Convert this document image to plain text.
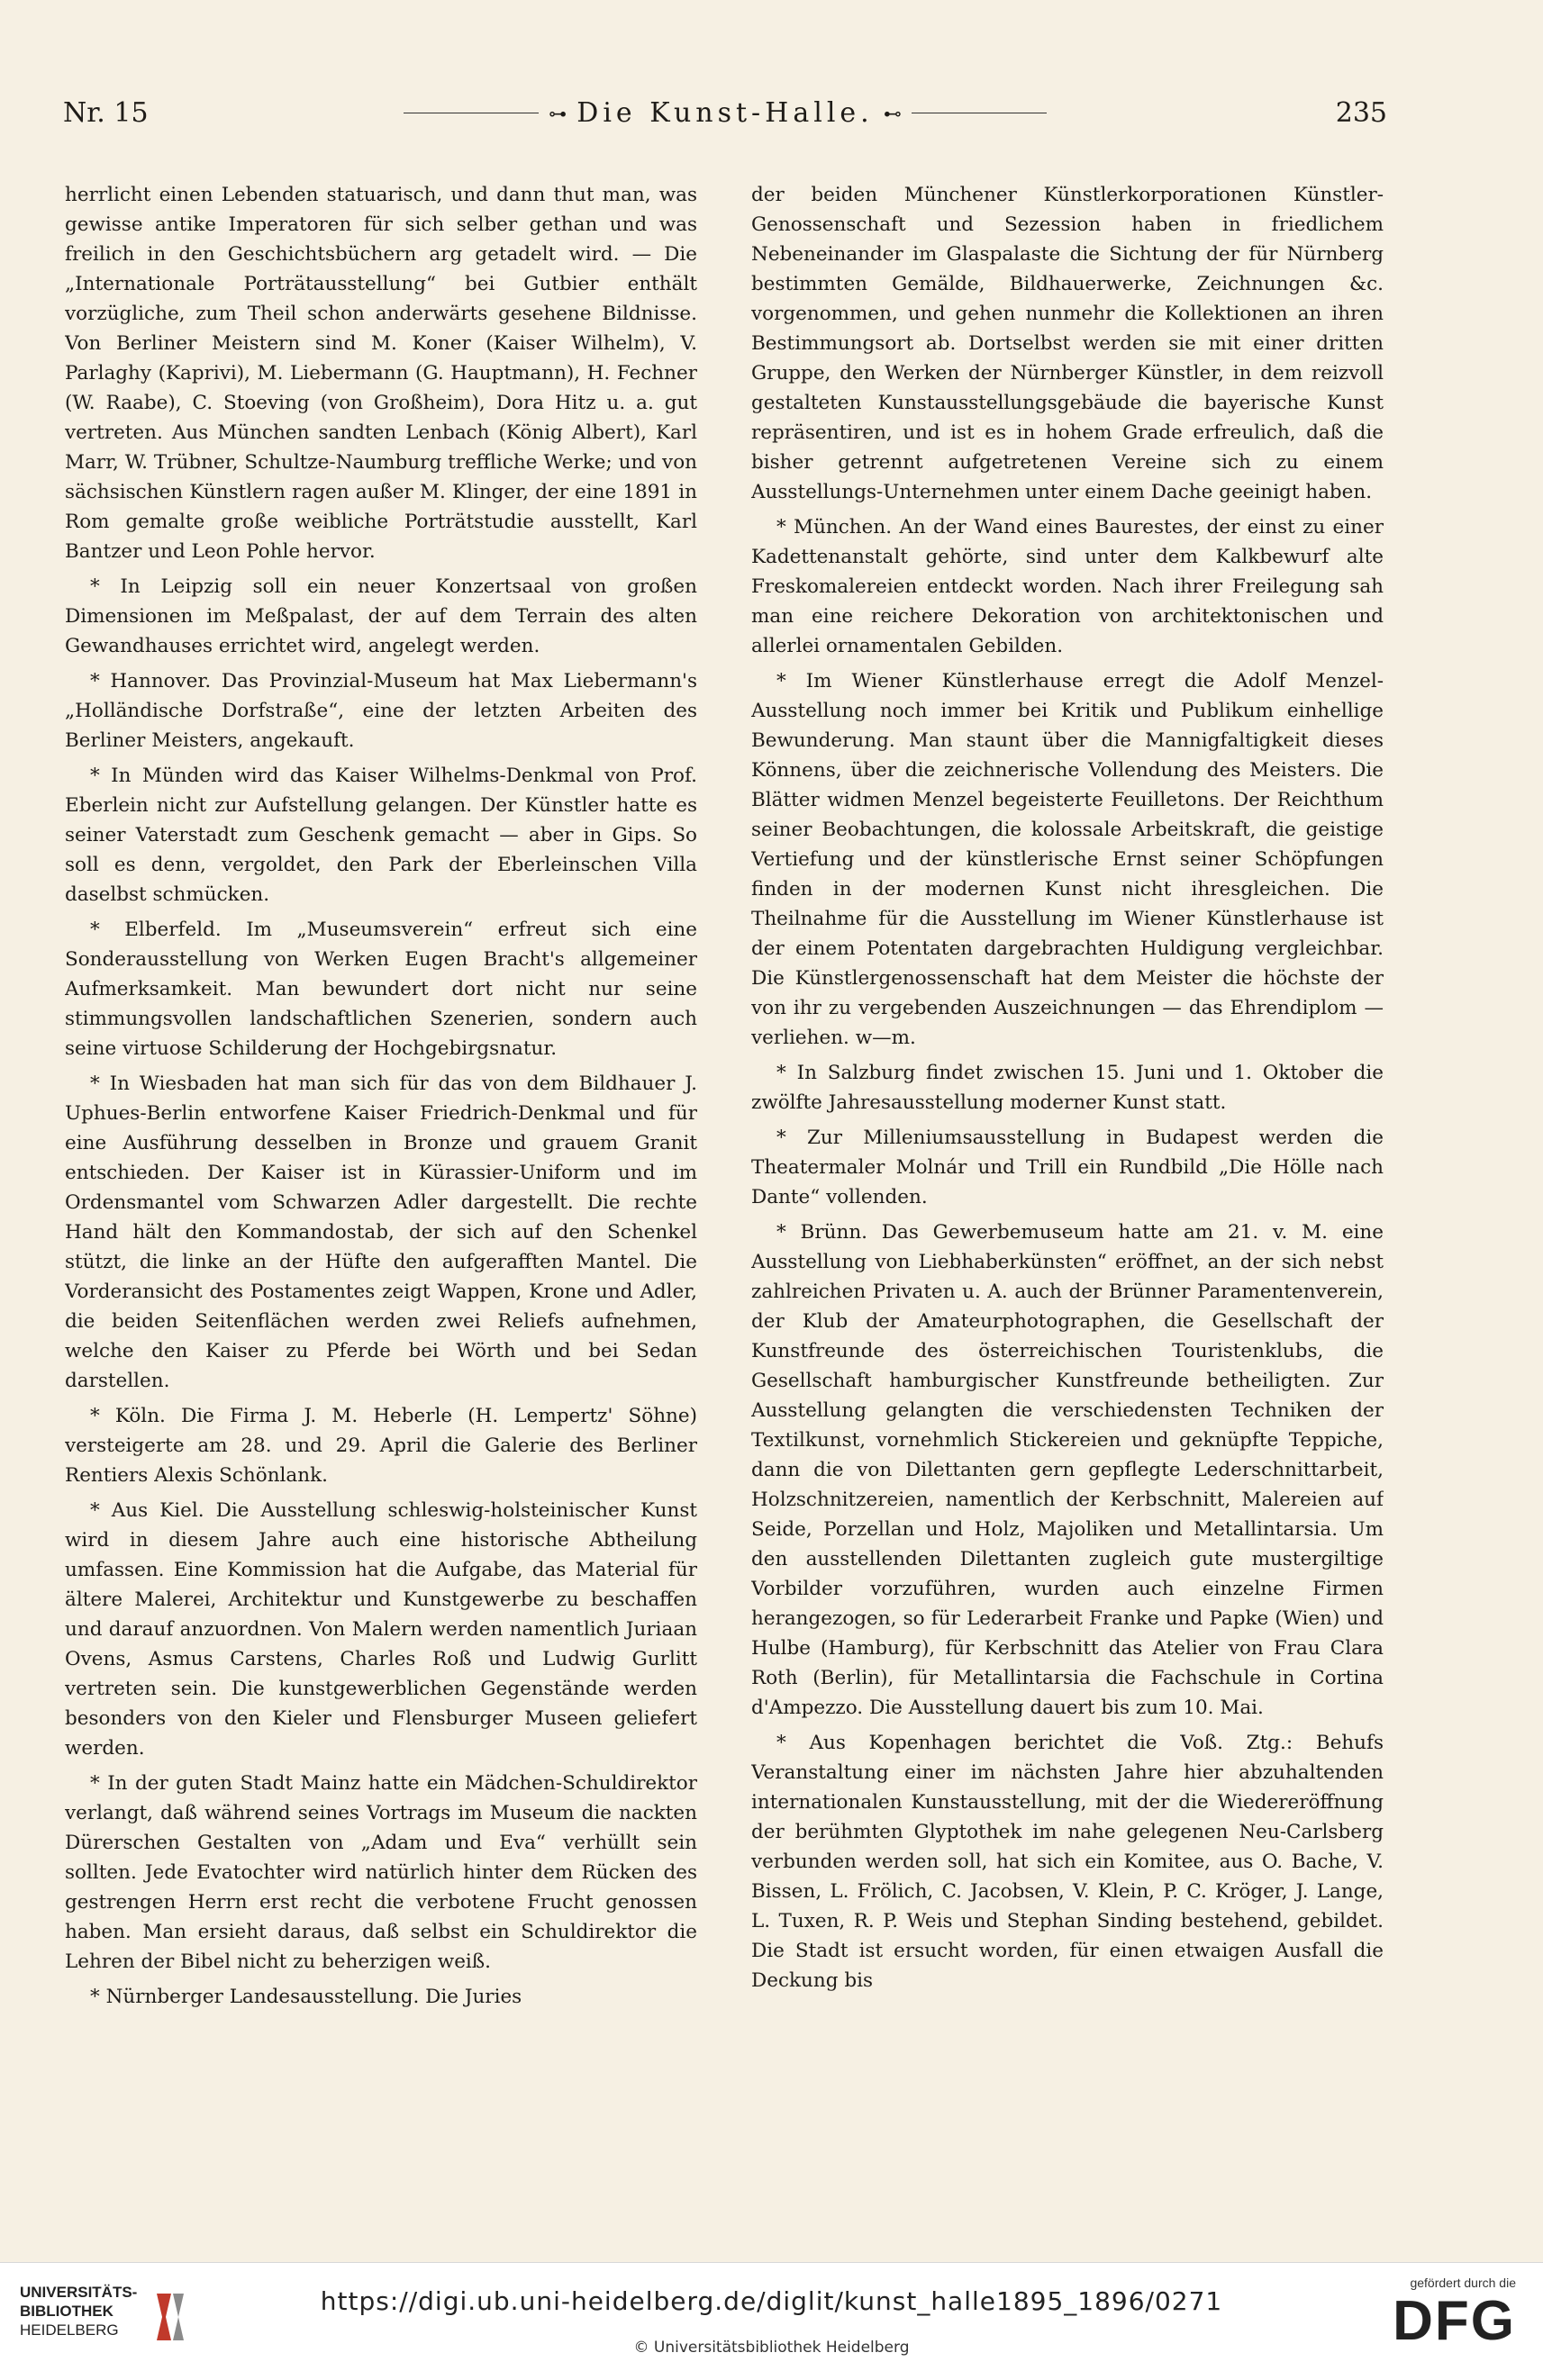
Nr. 15	⊶ Die Kunst-Halle. ⊷	235

herrlicht einen Lebenden statuarisch, und dann thut man, was gewisse antike Imperatoren für sich selber gethan und was freilich in den Geschichtsbüchern arg getadelt wird. — Die „Internationale Porträtausstellung“ bei Gutbier enthält vorzügliche, zum Theil schon anderwärts gesehene Bildnisse. Von Berliner Meistern sind M. Koner (Kaiser Wilhelm), V. Parlaghy (Kaprivi), M. Liebermann (G. Hauptmann), H. Fechner (W. Raabe), C. Stoeving (von Großheim), Dora Hitz u. a. gut vertreten. Aus München sandten Lenbach (König Albert), Karl Marr, W. Trübner, Schultze-Naumburg treffliche Werke; und von sächsischen Künstlern ragen außer M. Klinger, der eine 1891 in Rom gemalte große weibliche Porträtstudie ausstellt, Karl Bantzer und Leon Pohle hervor.

* In Leipzig soll ein neuer Konzertsaal von großen Dimensionen im Meßpalast, der auf dem Terrain des alten Gewandhauses errichtet wird, angelegt werden.

* Hannover. Das Provinzial-Museum hat Max Liebermann's „Holländische Dorfstraße“, eine der letzten Arbeiten des Berliner Meisters, angekauft.

* In Münden wird das Kaiser Wilhelms-Denkmal von Prof. Eberlein nicht zur Aufstellung gelangen. Der Künstler hatte es seiner Vaterstadt zum Geschenk gemacht — aber in Gips. So soll es denn, vergoldet, den Park der Eberleinschen Villa daselbst schmücken.

* Elberfeld. Im „Museumsverein“ erfreut sich eine Sonderausstellung von Werken Eugen Bracht's allgemeiner Aufmerksamkeit. Man bewundert dort nicht nur seine stimmungsvollen landschaftlichen Szenerien, sondern auch seine virtuose Schilderung der Hochgebirgsnatur.

* In Wiesbaden hat man sich für das von dem Bildhauer J. Uphues-Berlin entworfene Kaiser Friedrich-Denkmal und für eine Ausführung desselben in Bronze und grauem Granit entschieden. Der Kaiser ist in Kürassier-Uniform und im Ordensmantel vom Schwarzen Adler dargestellt. Die rechte Hand hält den Kommandostab, der sich auf den Schenkel stützt, die linke an der Hüfte den aufgerafften Mantel. Die Vorderansicht des Postamentes zeigt Wappen, Krone und Adler, die beiden Seitenflächen werden zwei Reliefs aufnehmen, welche den Kaiser zu Pferde bei Wörth und bei Sedan darstellen.

* Köln. Die Firma J. M. Heberle (H. Lempertz' Söhne) versteigerte am 28. und 29. April die Galerie des Berliner Rentiers Alexis Schönlank.

* Aus Kiel. Die Ausstellung schleswig-holsteinischer Kunst wird in diesem Jahre auch eine historische Abtheilung umfassen. Eine Kommission hat die Aufgabe, das Material für ältere Malerei, Architektur und Kunstgewerbe zu beschaffen und darauf anzuordnen. Von Malern werden namentlich Juriaan Ovens, Asmus Carstens, Charles Roß und Ludwig Gurlitt vertreten sein. Die kunstgewerblichen Gegenstände werden besonders von den Kieler und Flensburger Museen geliefert werden.

* In der guten Stadt Mainz hatte ein Mädchen-Schuldirektor verlangt, daß während seines Vortrags im Museum die nackten Dürerschen Gestalten von „Adam und Eva“ verhüllt sein sollten. Jede Evatochter wird natürlich hinter dem Rücken des gestrengen Herrn erst recht die verbotene Frucht genossen haben. Man ersieht daraus, daß selbst ein Schuldirektor die Lehren der Bibel nicht zu beherzigen weiß.

* Nürnberger Landesausstellung. Die Juries

der beiden Münchener Künstlerkorporationen Künstler-Genossenschaft und Sezession haben in friedlichem Nebeneinander im Glaspalaste die Sichtung der für Nürnberg bestimmten Gemälde, Bildhauerwerke, Zeichnungen &c. vorgenommen, und gehen nunmehr die Kollektionen an ihren Bestimmungsort ab. Dortselbst werden sie mit einer dritten Gruppe, den Werken der Nürnberger Künstler, in dem reizvoll gestalteten Kunstausstellungsgebäude die bayerische Kunst repräsentiren, und ist es in hohem Grade erfreulich, daß die bisher getrennt aufgetretenen Vereine sich zu einem Ausstellungs-Unternehmen unter einem Dache geeinigt haben.

* München. An der Wand eines Baurestes, der einst zu einer Kadettenanstalt gehörte, sind unter dem Kalkbewurf alte Freskomalereien entdeckt worden. Nach ihrer Freilegung sah man eine reichere Dekoration von architektonischen und allerlei ornamentalen Gebilden.

* Im Wiener Künstlerhause erregt die Adolf Menzel-Ausstellung noch immer bei Kritik und Publikum einhellige Bewunderung. Man staunt über die Mannigfaltigkeit dieses Könnens, über die zeichnerische Vollendung des Meisters. Die Blätter widmen Menzel begeisterte Feuilletons. Der Reichthum seiner Beobachtungen, die kolossale Arbeitskraft, die geistige Vertiefung und der künstlerische Ernst seiner Schöpfungen finden in der modernen Kunst nicht ihresgleichen. Die Theilnahme für die Ausstellung im Wiener Künstlerhause ist der einem Potentaten dargebrachten Huldigung vergleichbar. Die Künstlergenossenschaft hat dem Meister die höchste der von ihr zu vergebenden Auszeichnungen — das Ehrendiplom — verliehen. w—m.

* In Salzburg findet zwischen 15. Juni und 1. Oktober die zwölfte Jahresausstellung moderner Kunst statt.

* Zur Milleniumsausstellung in Budapest werden die Theatermaler Molnár und Trill ein Rundbild „Die Hölle nach Dante“ vollenden.

* Brünn. Das Gewerbemuseum hatte am 21. v. M. eine Ausstellung von Liebhaberkünsten“ eröffnet, an der sich nebst zahlreichen Privaten u. A. auch der Brünner Paramentenverein, der Klub der Amateurphotographen, die Gesellschaft der Kunstfreunde des österreichischen Touristenklubs, die Gesellschaft hamburgischer Kunstfreunde betheiligten. Zur Ausstellung gelangten die verschiedensten Techniken der Textilkunst, vornehmlich Stickereien und geknüpfte Teppiche, dann die von Dilettanten gern gepflegte Lederschnittarbeit, Holzschnitzereien, namentlich der Kerbschnitt, Malereien auf Seide, Porzellan und Holz, Majoliken und Metallintarsia. Um den ausstellenden Dilettanten zugleich gute mustergiltige Vorbilder vorzuführen, wurden auch einzelne Firmen herangezogen, so für Lederarbeit Franke und Papke (Wien) und Hulbe (Hamburg), für Kerbschnitt das Atelier von Frau Clara Roth (Berlin), für Metallintarsia die Fachschule in Cortina d'Ampezzo. Die Ausstellung dauert bis zum 10. Mai.

* Aus Kopenhagen berichtet die Voß. Ztg.: Behufs Veranstaltung einer im nächsten Jahre hier abzuhaltenden internationalen Kunstausstellung, mit der die Wiedereröffnung der berühmten Glyptothek im nahe gelegenen Neu-Carlsberg verbunden werden soll, hat sich ein Komitee, aus O. Bache, V. Bissen, L. Frölich, C. Jacobsen, V. Klein, P. C. Kröger, J. Lange, L. Tuxen, R. P. Weis und Stephan Sinding bestehend, gebildet. Die Stadt ist ersucht worden, für einen etwaigen Ausfall die Deckung bis

UNIVERSITÄTS-
BIBLIOTHEK
HEIDELBERG
https://digi.ub.uni-heidelberg.de/diglit/kunst_halle1895_1896/0271
© Universitätsbibliothek Heidelberg
gefördert durch die
DFG
